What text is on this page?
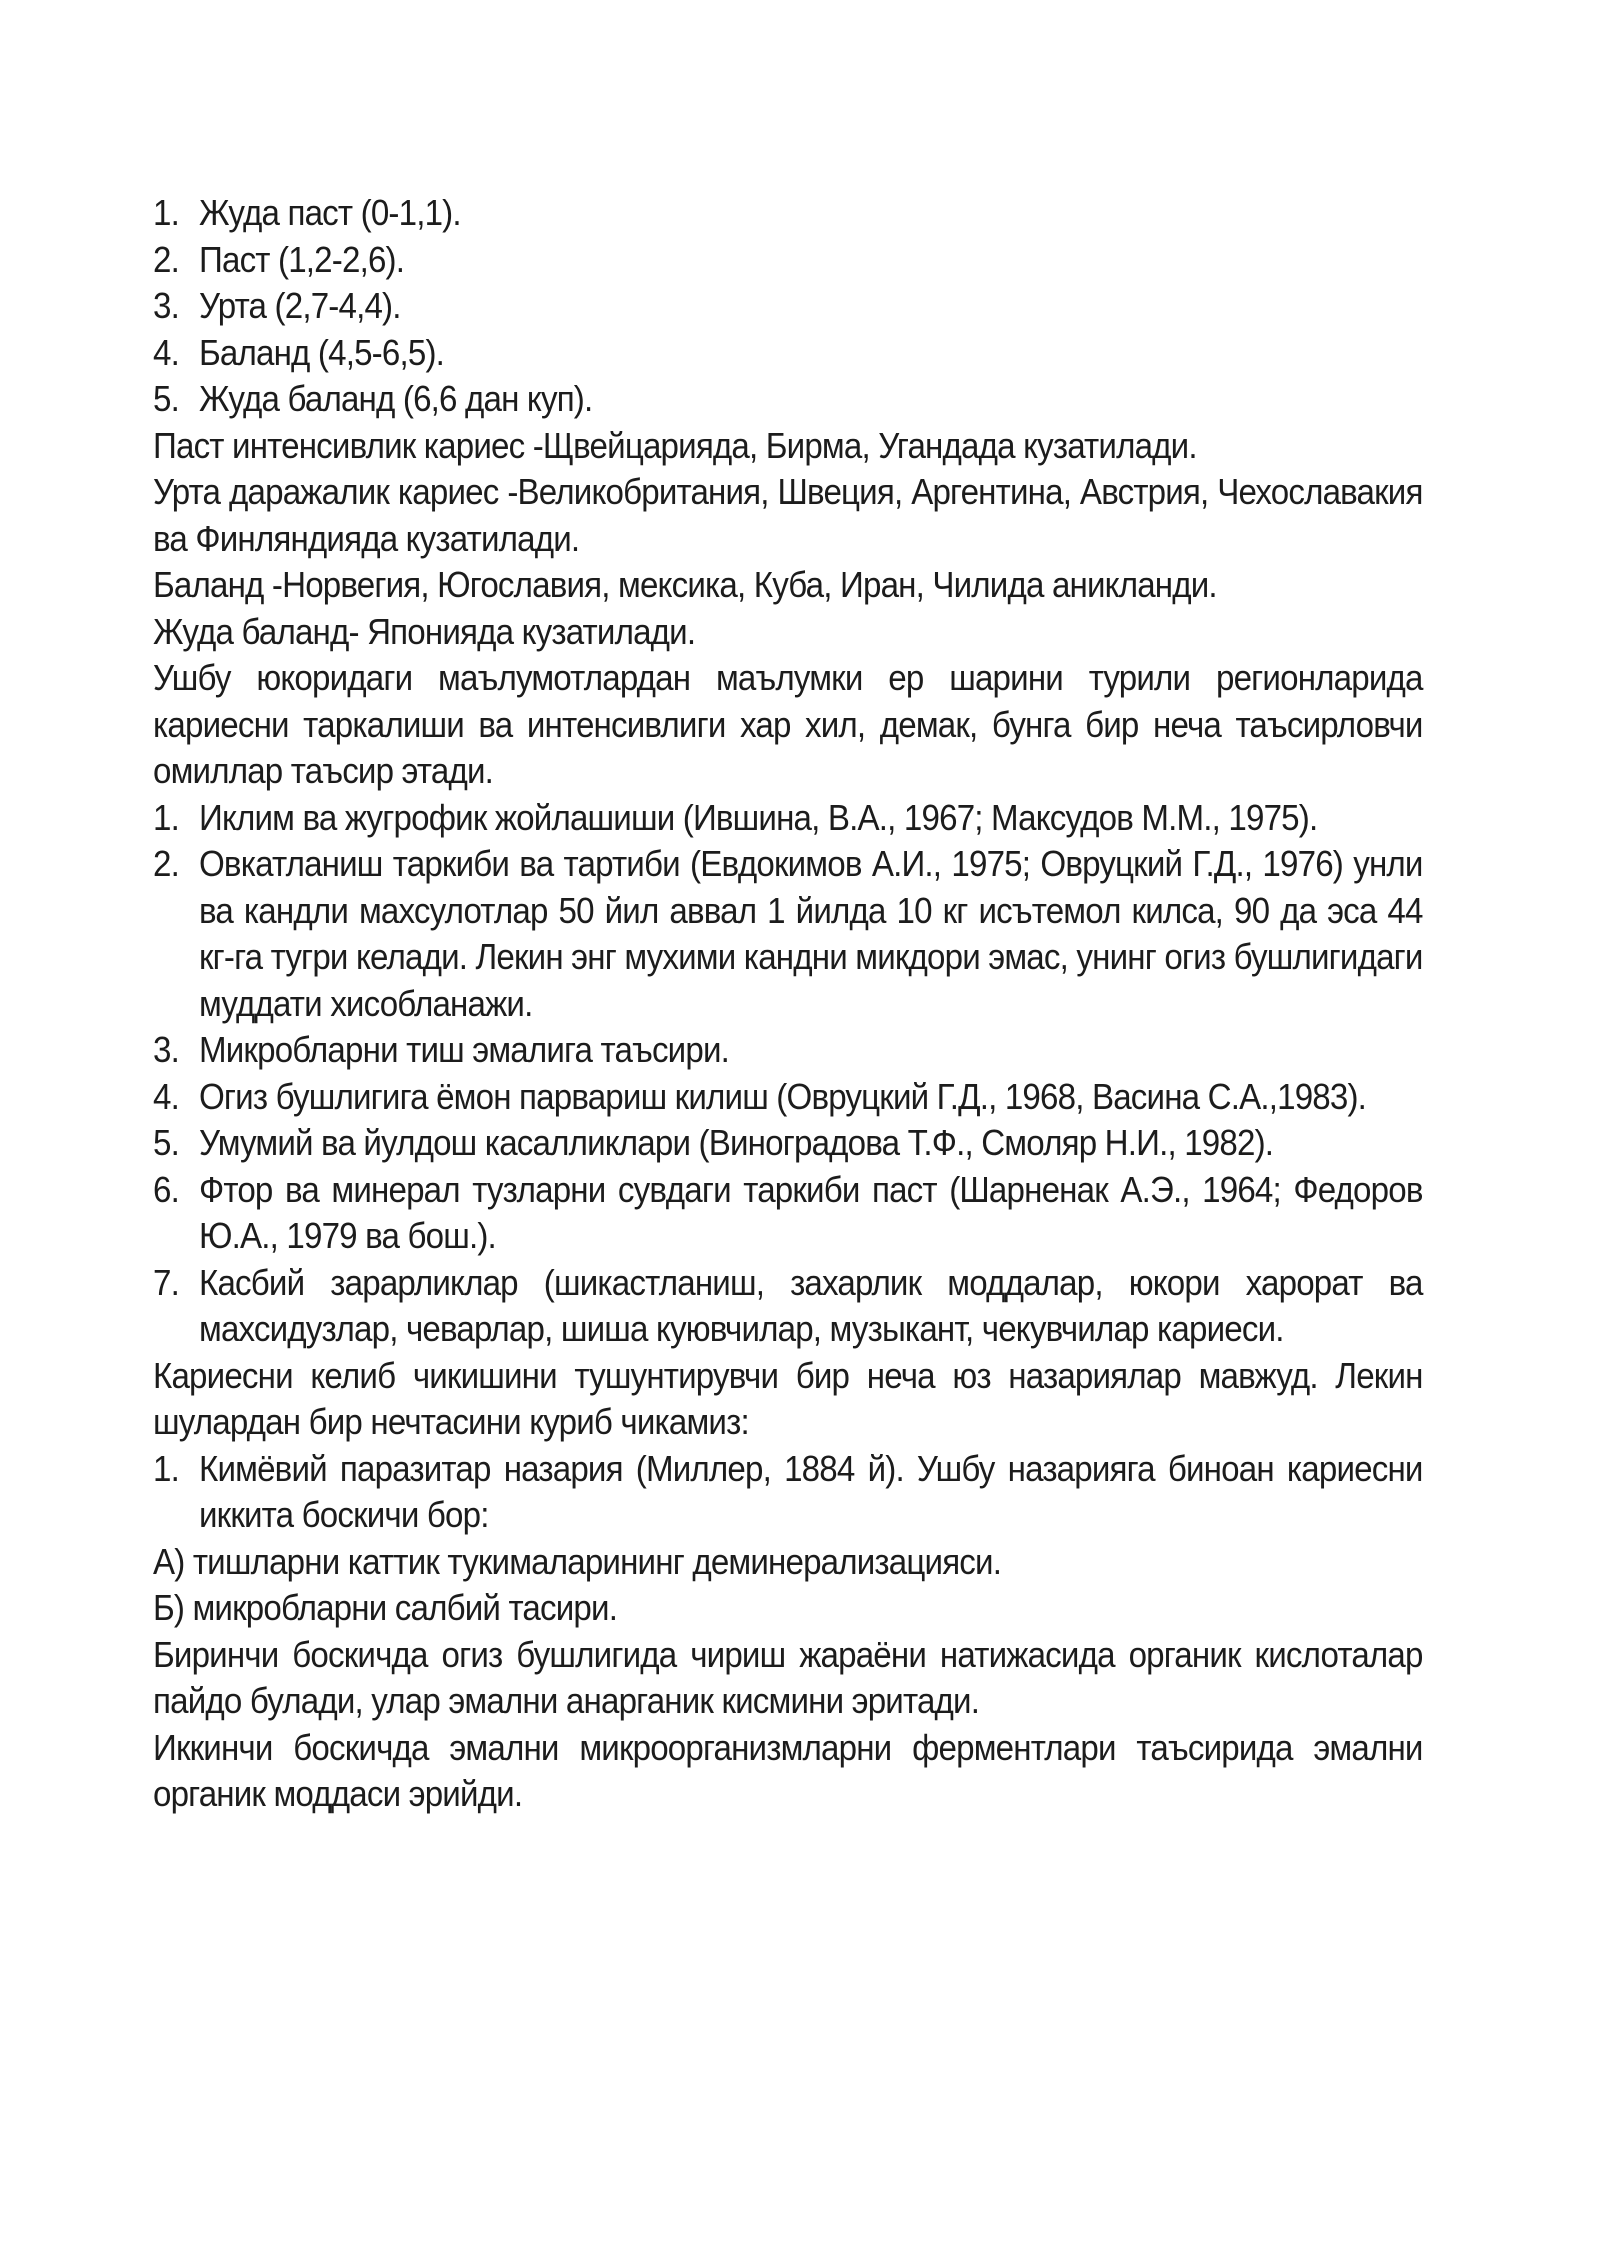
1. Жуда паст (0-1,1).
2. Паст (1,2-2,6).
3. Урта (2,7-4,4).
4. Баланд (4,5-6,5).
5. Жуда баланд (6,6 дан куп).

Паст интенсивлик кариес -Щвейцарияда, Бирма, Угандада кузатилади.

Урта даражалик кариес -Великобритания, Швеция, Аргентина, Австрия, Чехославакия ва Финляндияда кузатилади.

Баланд -Норвегия, Югославия, мексика, Куба, Иран, Чилида аникланди.

Жуда баланд- Японияда кузатилади.

Ушбу юкоридаги маълумотлардан маълумки ер шарини турили регионларида кариесни таркалиши ва интенсивлиги хар хил, демак, бунга бир неча таъсирловчи омиллар таъсир этади.

1. Иклим ва жугрофик жойлашиши (Ившина, В.А., 1967; Максудов М.М., 1975).
2. Овкатланиш таркиби ва тартиби (Евдокимов А.И., 1975; Овруцкий Г.Д., 1976) унли ва кандли махсулотлар 50 йил аввал 1 йилда 10 кг исътемол килса, 90 да эса 44 кг-га тугри келади. Лекин энг мухими кандни микдори эмас, унинг огиз бушлигидаги муддати хисобланажи.
3. Микробларни тиш эмалига таъсири.
4. Огиз бушлигига ёмон парвариш килиш (Овруцкий Г.Д., 1968, Васина С.А.,1983).
5. Умумий ва йулдош касалликлари (Виноградова Т.Ф., Смоляр Н.И., 1982).
6. Фтор ва минерал тузларни сувдаги таркиби паст (Шарненак А.Э., 1964; Федоров Ю.А., 1979 ва бош.).
7. Касбий зарарликлар (шикастланиш, захарлик моддалар, юкори харорат ва махсидузлар, чеварлар, шиша куювчилар, музыкант, чекувчилар кариеси.

Кариесни келиб чикишини тушунтирувчи бир неча юз назариялар мавжуд. Лекин шулардан бир нечтасини куриб чикамиз:

1. Кимёвий паразитар назария (Миллер, 1884 й). Ушбу назарияга биноан кариесни иккита боскичи бор:

А) тишларни каттик тукималарининг деминерализацияси.

Б) микробларни салбий тасири.

Биринчи боскичда огиз бушлигида чириш жараёни натижасида органик кислоталар пайдо булади, улар эмални анарганик кисмини эритади.

Иккинчи боскичда эмални микроорганизмларни ферментлари таъсирида эмални органик моддаси эрийди.
